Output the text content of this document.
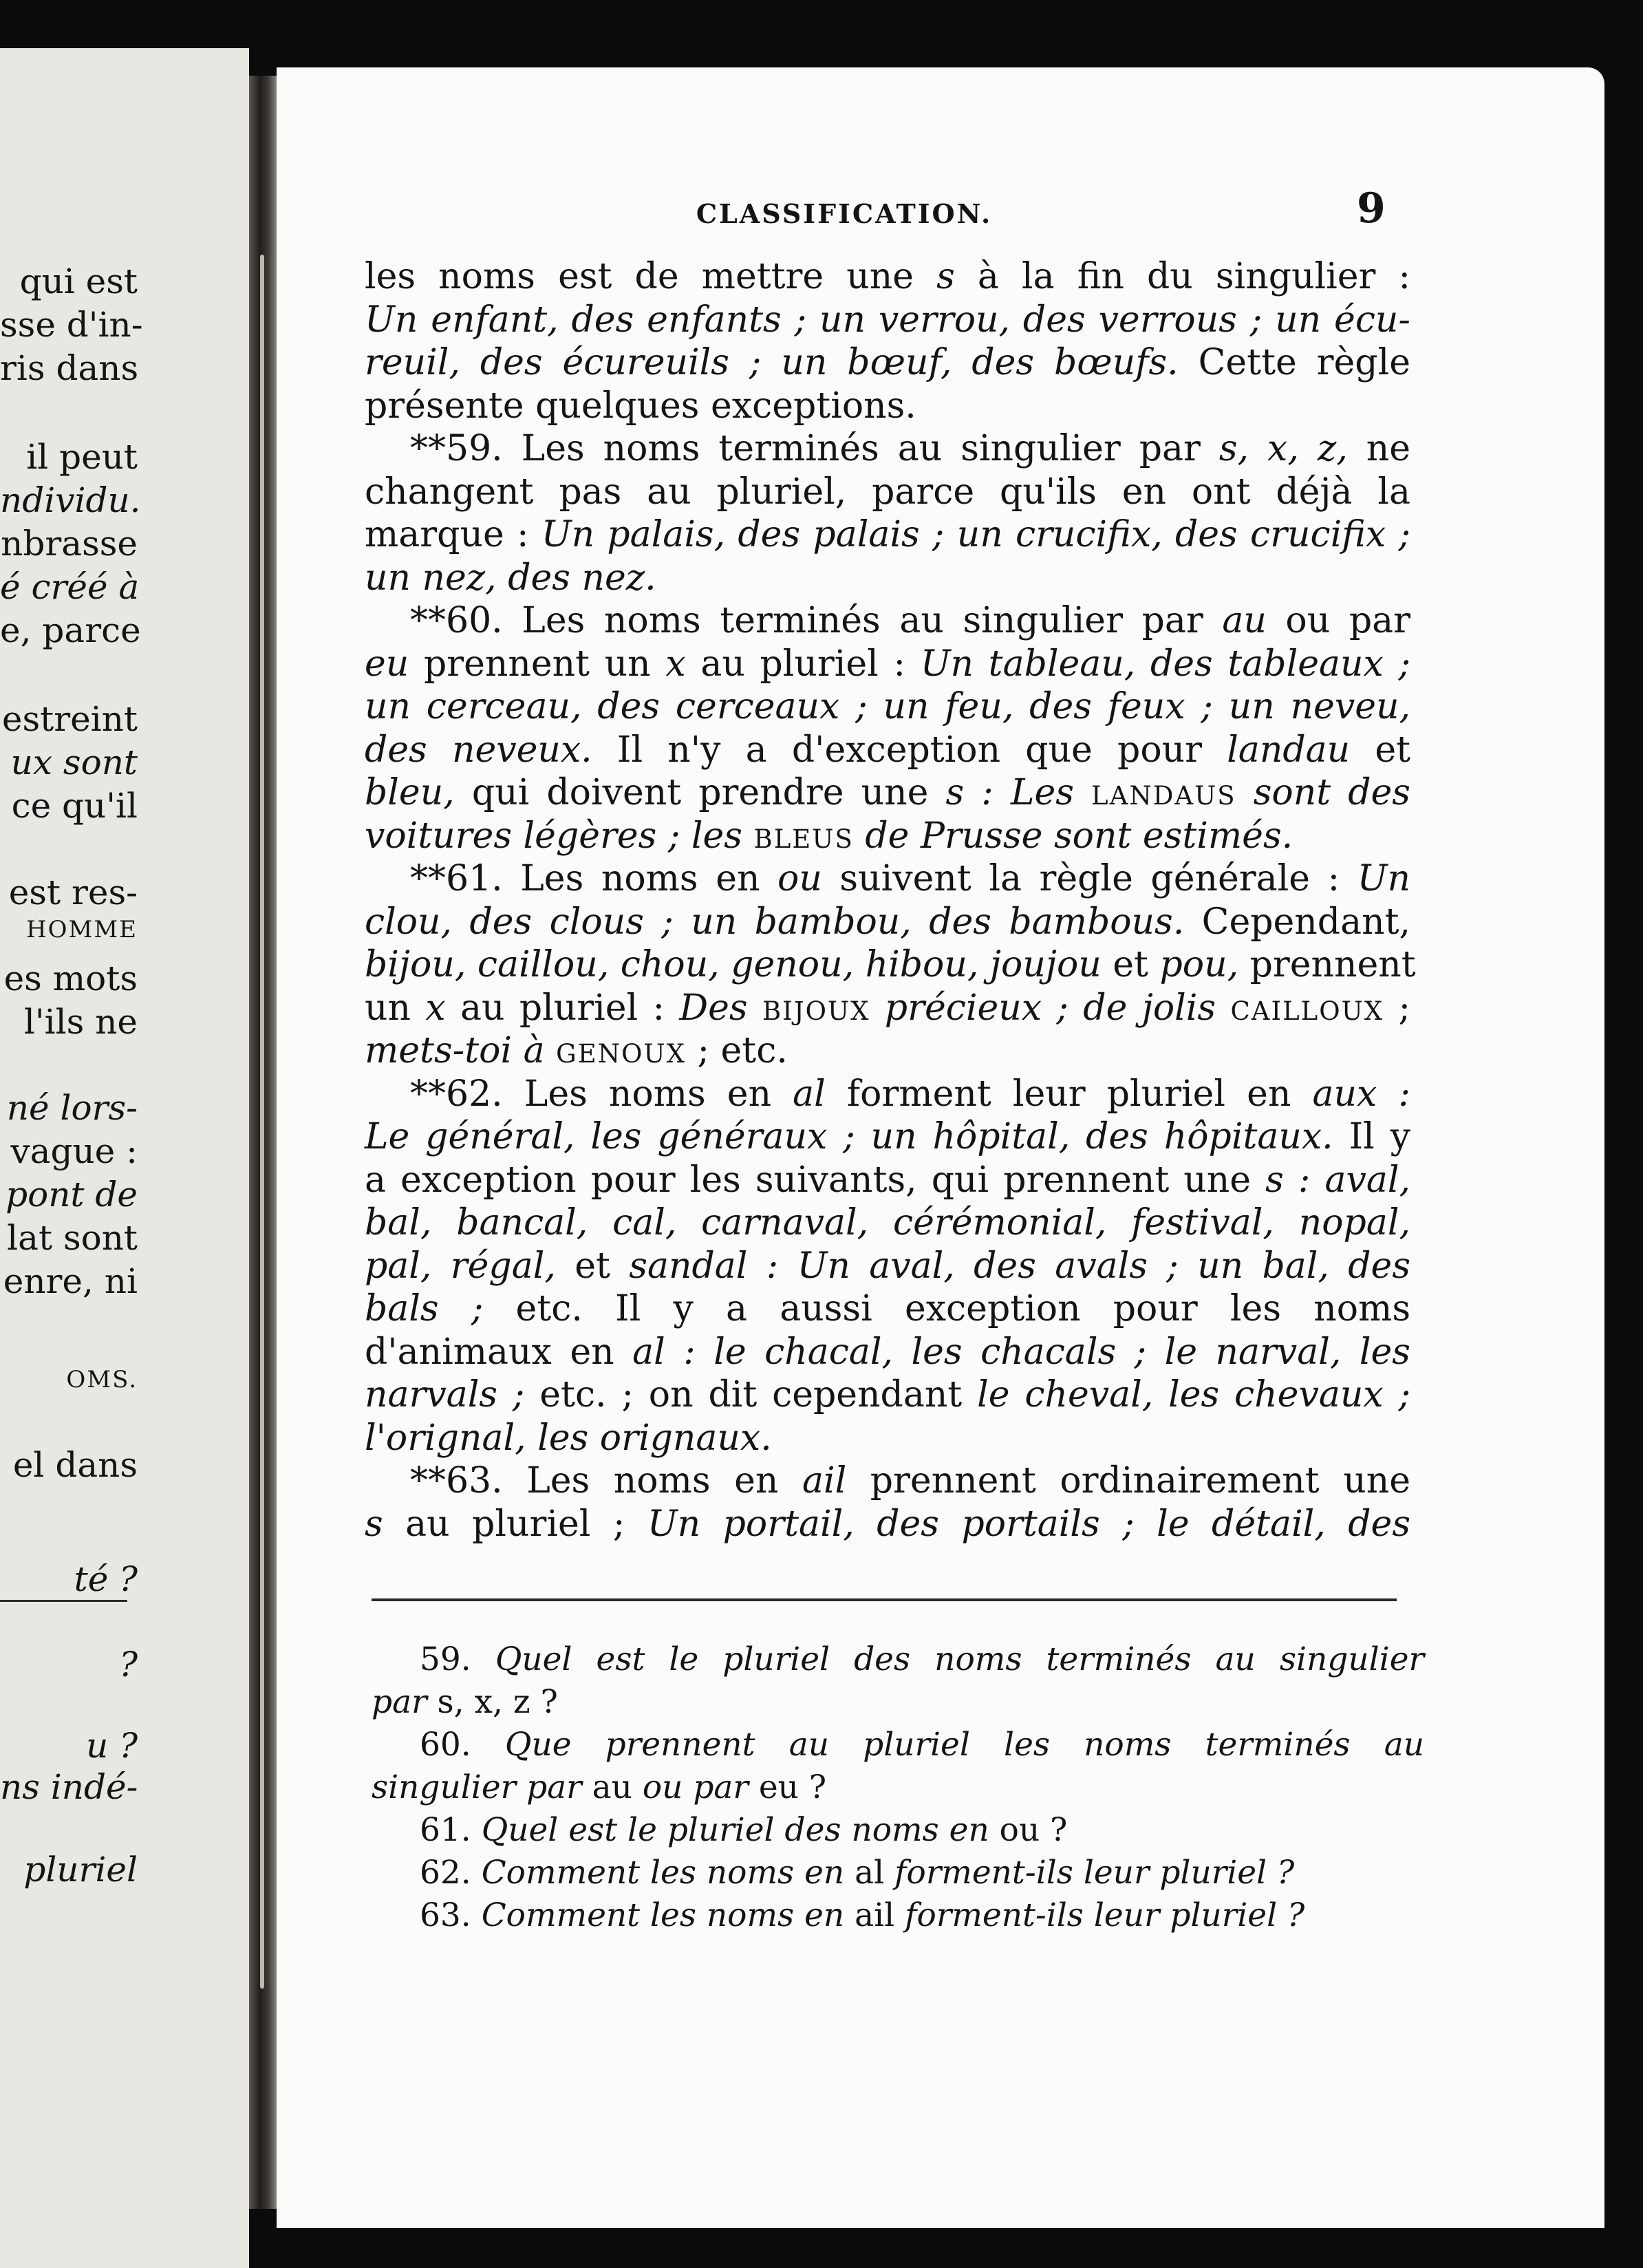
qui est
sse d'in-
ris dans
il peut
ndividu.
nbrasse
é créé à
e, parce
estreint
ux sont
ce qu'il
est res-
HOMME
es mots
l'ils ne
né lors-
vague :
pont de
lat sont
enre, ni
OMS.
el dans
té ?
?
u ?
ns indé-
pluriel
CLASSIFICATION.	9
les noms est de mettre une s à la fin du singulier :
Un enfant, des enfants ; un verrou, des verrous ; un écu-
reuil, des écureuils ; un bœuf, des bœufs. Cette règle
présente quelques exceptions.
**59. Les noms terminés au singulier par s, x, z, ne
changent pas au pluriel, parce qu'ils en ont déjà la
marque : Un palais, des palais ; un crucifix, des crucifix ;
un nez, des nez.
**60. Les noms terminés au singulier par au ou par
eu prennent un x au pluriel : Un tableau, des tableaux ;
un cerceau, des cerceaux ; un feu, des feux ; un neveu,
des neveux. Il n'y a d'exception que pour landau et
bleu, qui doivent prendre une s : Les LANDAUS sont des
voitures légères ; les BLEUS de Prusse sont estimés.
**61. Les noms en ou suivent la règle générale : Un
clou, des clous ; un bambou, des bambous. Cependant,
bijou, caillou, chou, genou, hibou, joujou et pou, prennent
un x au pluriel : Des BIJOUX précieux ; de jolis CAILLOUX ;
mets-toi à GENOUX ; etc.
**62. Les noms en al forment leur pluriel en aux :
Le général, les généraux ; un hôpital, des hôpitaux. Il y
a exception pour les suivants, qui prennent une s : aval,
bal, bancal, cal, carnaval, cérémonial, festival, nopal,
pal, régal, et sandal : Un aval, des avals ; un bal, des
bals ; etc. Il y a aussi exception pour les noms
d'animaux en al : le chacal, les chacals ; le narval, les
narvals ; etc. ; on dit cependant le cheval, les chevaux ;
l'orignal, les orignaux.
**63. Les noms en ail prennent ordinairement une
s au pluriel ; Un portail, des portails ; le détail, des
59. Quel est le pluriel des noms terminés au singulier
par s, x, z ?
60. Que prennent au pluriel les noms terminés au
singulier par au ou par eu ?
61. Quel est le pluriel des noms en ou ?
62. Comment les noms en al forment-ils leur pluriel ?
63. Comment les noms en ail forment-ils leur pluriel ?
